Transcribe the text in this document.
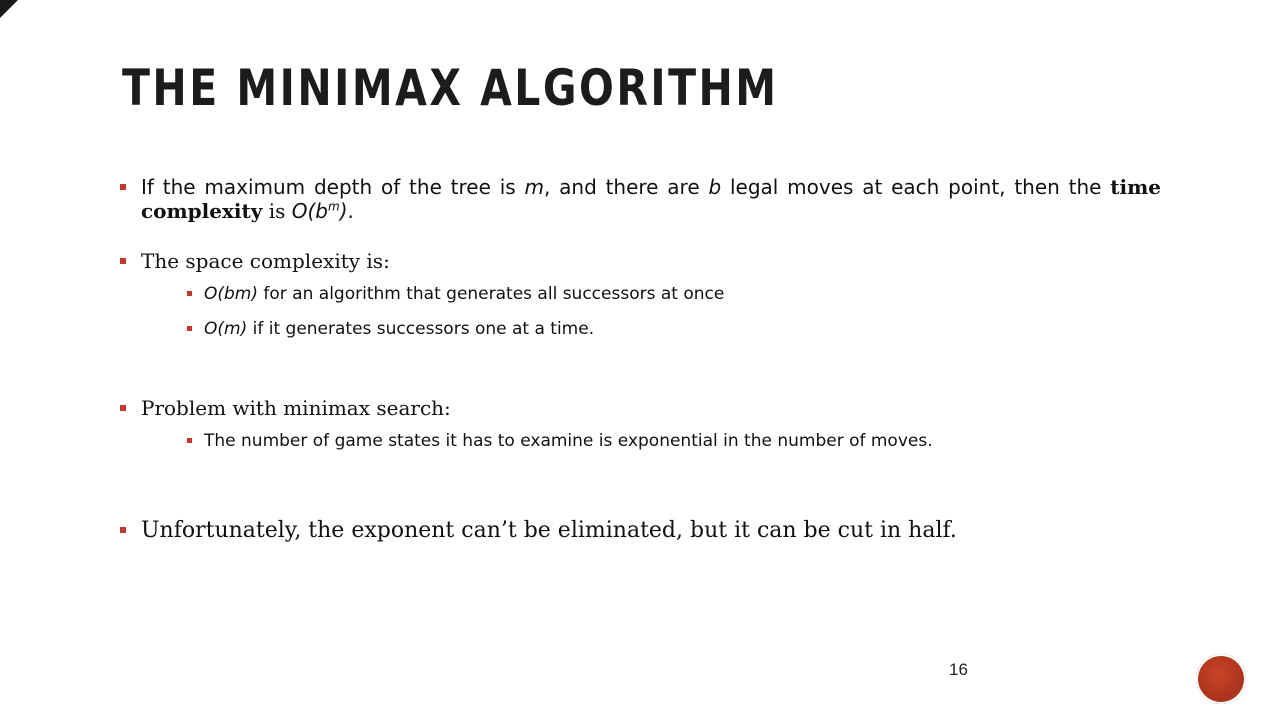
THE MINIMAX ALGORITHM
If the maximum depth of the tree is m, and there are b legal moves at each point, then the time complexity is $O(b^m)$.
The space complexity is:
O(bm) for an algorithm that generates all successors at once
O(m) if it generates successors one at a time.
Problem with minimax search:
The number of game states it has to examine is exponential in the number of moves.
Unfortunately, the exponent can’t be eliminated, but it can be cut in half.
16
